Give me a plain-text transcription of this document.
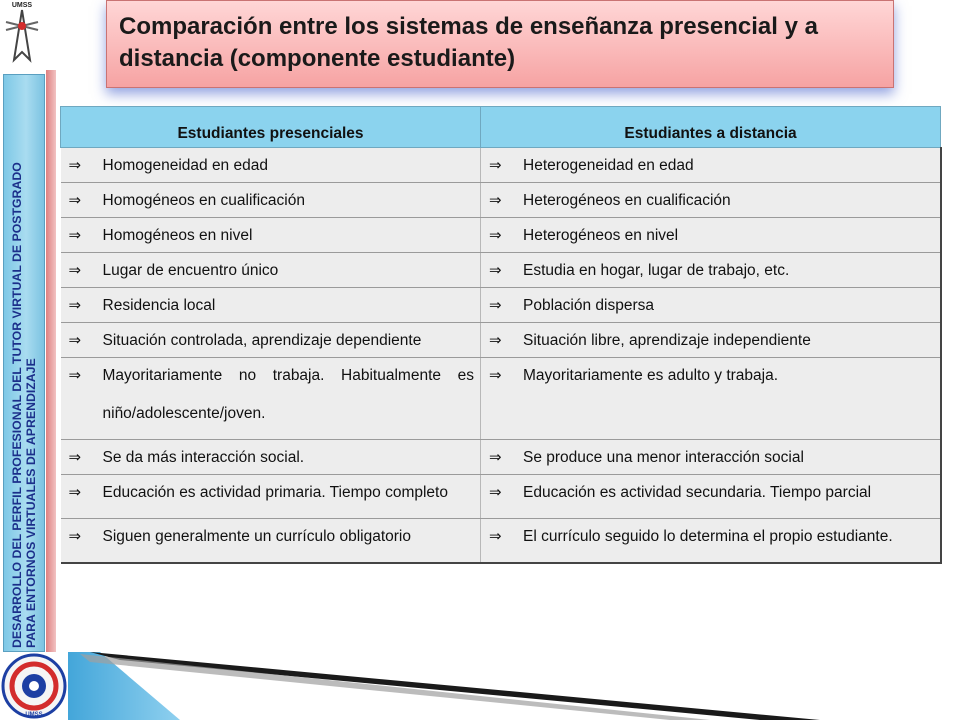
UMSS
DESARROLLO DEL PERFIL PROFESIONAL DEL TUTOR VIRTUAL DE POSTGRADO PARA ENTORNOS VIRTUALES DE APRENDIZAJE
Comparación entre los sistemas de enseñanza presencial y a distancia (componente estudiante)
Estudiantes presenciales	Estudiantes a distancia

⇒ Homogeneidad en edad	⇒ Heterogeneidad en edad

⇒ Homogéneos en cualificación	⇒ Heterogéneos en cualificación

⇒ Homogéneos en nivel	⇒ Heterogéneos en nivel

⇒ Lugar de encuentro único	⇒ Estudia en hogar, lugar de trabajo, etc.

⇒ Residencia local	⇒ Población dispersa

⇒ Situación controlada, aprendizaje dependiente	⇒ Situación libre, aprendizaje independiente

⇒ Mayoritariamente no trabaja. Habitualmente es niño/adolescente/joven.	⇒ Mayoritariamente es adulto y trabaja.

⇒ Se da más interacción social.	⇒ Se produce una menor interacción social

⇒ Educación es actividad primaria. Tiempo completo	⇒ Educación es actividad secundaria. Tiempo parcial

⇒ Siguen generalmente un currículo obligatorio	⇒ El currículo seguido lo determina el propio estudiante.
UMSS
